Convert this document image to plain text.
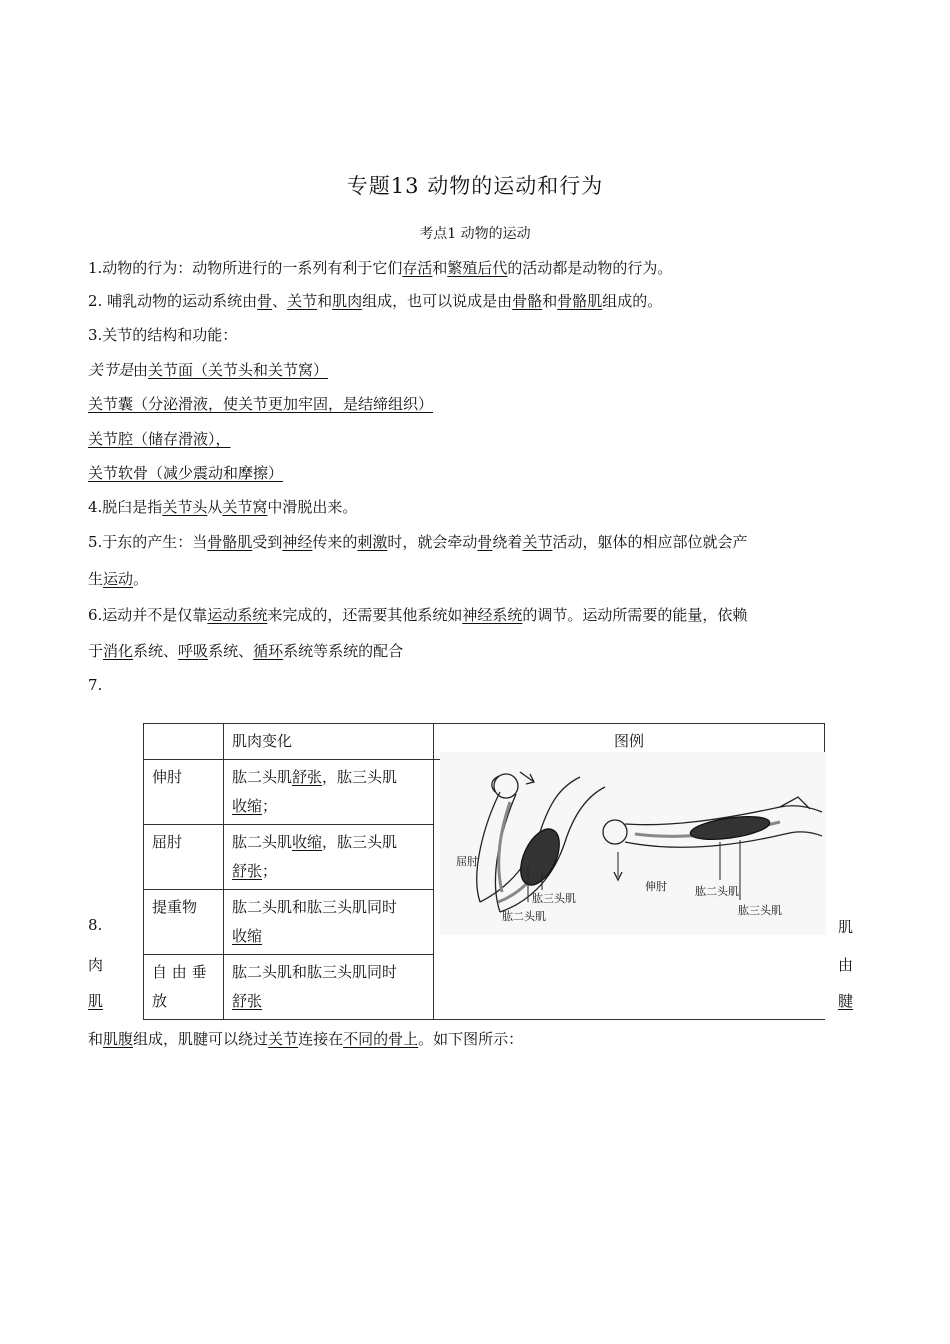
专题13 动物的运动和行为
考点1 动物的运动
1.动物的行为：动物所进行的一系列有利于它们存活和繁殖后代的活动都是动物的行为。
2. 哺乳动物的运动系统由骨、关节和肌肉组成，也可以说成是由骨骼和骨骼肌组成的。
3.关节的结构和功能：
关节是由关节面（关节头和关节窝）
关节囊（分泌滑液，使关节更加牢固，是结缔组织）
关节腔（储存滑液），
关节软骨（减少震动和摩擦）
4.脱臼是指关节头从关节窝中滑脱出来。
5.于东的产生：当骨骼肌受到神经传来的刺激时，就会牵动骨绕着关节活动，躯体的相应部位就会产
生运动。
6.运动并不是仅靠运动系统来完成的，还需要其他系统如神经系统的调节。运动所需要的能量，依赖
于消化系统、呼吸系统、循环系统等系统的配合
7.
	肌肉变化	图例
伸肘	肱二头肌舒张，肱三头肌
收缩；	
屈肘	肱二头肌收缩，肱三头肌
舒张；	
提重物	肱二头肌和肱三头肌同时
收缩	
自 由 垂 放	肱二头肌和肱三头肌同时
舒张	
屈肘
肱三头肌
肱二头肌
伸肘	肱二头肌
肱三头肌
8.	肌
肉	由
肌	腱
和肌腹组成，肌腱可以绕过关节连接在不同的骨上。如下图所示：
